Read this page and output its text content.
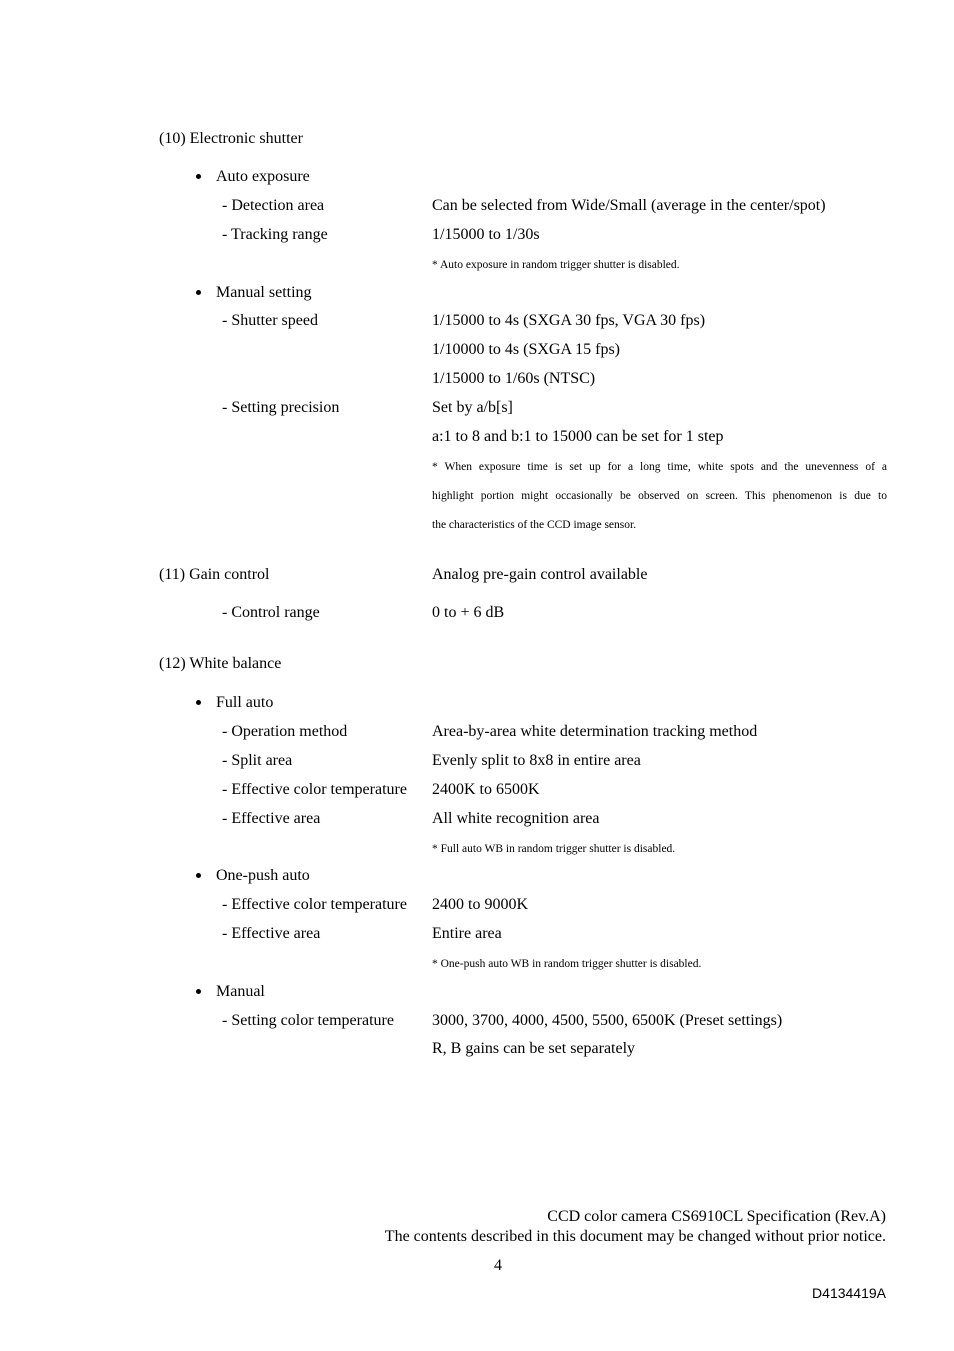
(10) Electronic shutter
Auto exposure
- Detection area	Can be selected from Wide/Small (average in the center/spot)
- Tracking range	1/15000 to 1/30s
* Auto exposure in random trigger shutter is disabled.
Manual setting
- Shutter speed	1/15000 to 4s (SXGA 30 fps, VGA 30 fps)
1/10000 to 4s (SXGA 15 fps)
1/15000 to 1/60s (NTSC)
- Setting precision	Set by a/b[s]
a:1 to 8 and b:1 to 15000 can be set for 1 step
* When exposure time is set up for a long time, white spots and the unevenness of a
highlight portion might occasionally be observed on screen. This phenomenon is due to
the characteristics of the CCD image sensor.
(11) Gain control	Analog pre-gain control available
- Control range	0 to + 6 dB
(12) White balance
Full auto
- Operation method	Area-by-area white determination tracking method
- Split area	Evenly split to 8x8 in entire area
- Effective color temperature 2400K to 6500K
- Effective area	All white recognition area
* Full auto WB in random trigger shutter is disabled.
One-push auto
- Effective color temperature 2400 to 9000K
- Effective area	Entire area
* One-push auto WB in random trigger shutter is disabled.
Manual
- Setting color temperature 3000, 3700, 4000, 4500, 5500, 6500K (Preset settings)
R, B gains can be set separately
CCD color camera CS6910CL Specification (Rev.A)
The contents described in this document may be changed without prior notice.
4
D4134419A
